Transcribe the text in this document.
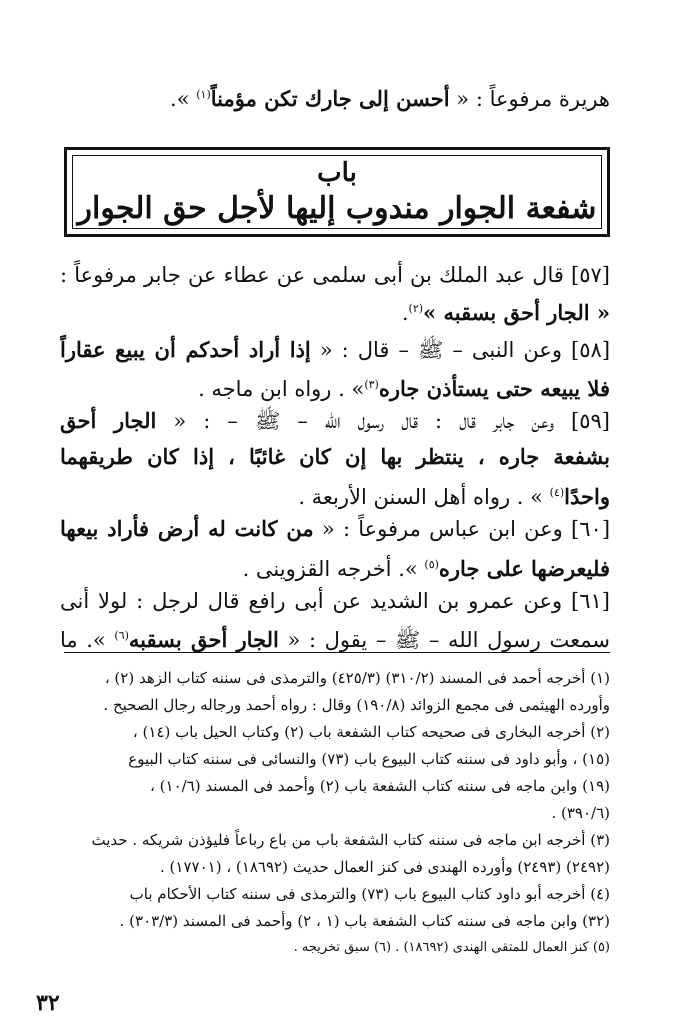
هريرة مرفوعاً : « أحسن إلى جارك تكن مؤمناً$^{(١)}$ ».
باب
شفعة الجوار مندوب إليها لأجل حق الجوار
[٥٧] قال عبد الملك بن أبى سلمى عن عطاء عن جابر مرفوعاً :
« الجار أحق بسقبه »$^{(٢)}$.
[٥٨] وعن النبى – ﷺ – قال : « إذا أراد أحدكم أن يبيع عقاراً
فلا يبيعه حتى يستأذن جاره$^{(٣)}$» . رواه ابن ماجه .
[٥٩] وعن جابر قال : قال رسول الله – ﷺ – : « الجار أحق
بشفعة جاره ، ينتظر بها إن كان غائبًا ، إذا كان طريقهما
واحدًا$^{(٤)}$ » . رواه أهل السنن الأربعة .
[٦٠] وعن ابن عباس مرفوعاً : « من كانت له أرض فأراد بيعها
فليعرضها على جاره$^{(٥)}$ ». أخرجه القزوينى .
[٦١] وعن عمرو بن الشديد عن أبى رافع قال لرجل : لولا أنى
سمعت رسول الله – ﷺ – يقول : « الجار أحق بسقبه$^{(٦)}$ ». ما
(١) أخرجه أحمد فى المسند (٣١٠/٢) (٤٢٥/٣) والترمذى فى سننه كتاب الزهد (٢) ،
وأورده الهيثمى فى مجمع الزوائد (١٩٠/٨) وقال : رواه أحمد ورجاله رجال الصحيح .
(٢) أخرجه البخارى فى صحيحه كتاب الشفعة باب (٢) وكتاب الحيل باب (١٤) ،
(١٥) ، وأبو داود فى سننه كتاب البيوع باب (٧٣) والنسائى فى سننه كتاب البيوع
(١٩) وابن ماجه فى سننه كتاب الشفعة باب (٢) وأحمد فى المسند (١٠/٦) ،
(٣٩٠/٦) .
(٣) أخرجه ابن ماجه فى سننه كتاب الشفعة باب من باع رباعاً فليؤذن شريكه . حديث
(٢٤٩٢) (٢٤٩٣) وأورده الهندى فى كنز العمال حديث (١٨٦٩٢) ، (١٧٧٠١) .
(٤) أخرجه أبو داود كتاب البيوع باب (٧٣) والترمذى فى سننه كتاب الأحكام باب
(٣٢) وابن ماجه فى سننه كتاب الشفعة باب (١ ، ٢) وأحمد فى المسند (٣٠٣/٣) .
(٥) كنز العمال للمتقى الهندى (١٨٦٩٢) . (٦) سبق تخريجه .
٣٢
